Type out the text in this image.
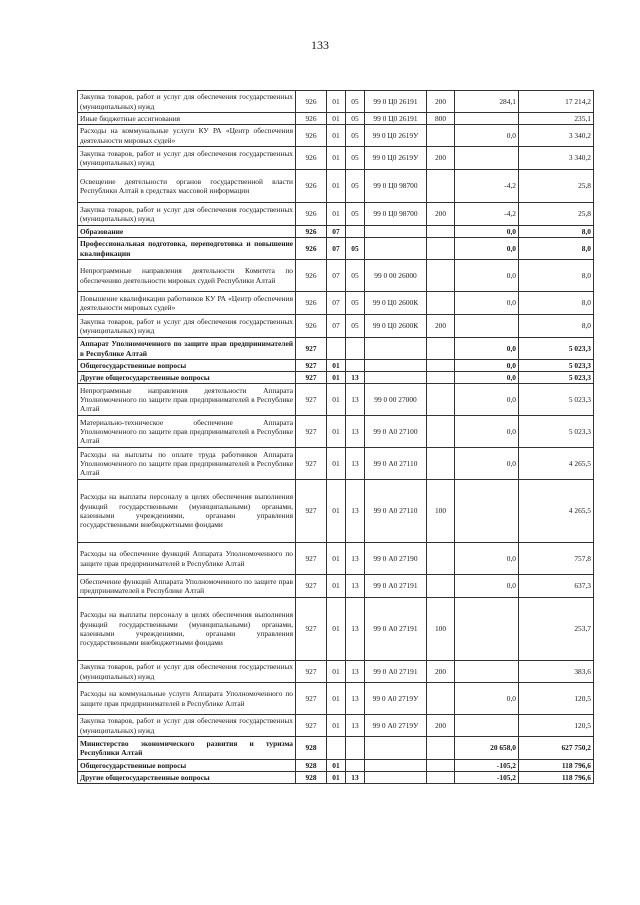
133
Закупка товаров, работ и услуг для обеспечения государственных (муниципальных) нужд	926	01	05	99 0 Ц0 26191	200	284,1	17 214,2
Иные бюджетные ассигнования	926	01	05	99 0 Ц0 26191	800		235,1
Расходы на коммунальные услуги КУ РА «Центр обеспечения деятельности мировых судей»	926	01	05	99 0 Ц0 2619У		0,0	3 340,2
Закупка товаров, работ и услуг для обеспечения государственных (муниципальных) нужд	926	01	05	99 0 Ц0 2619У	200		3 340,2
Освещение деятельности органов государственной власти Республики Алтай в средствах массовой информации	926	01	05	99 0 Ц0 98700		-4,2	25,8
Закупка товаров, работ и услуг для обеспечения государственных (муниципальных) нужд	926	01	05	99 0 Ц0 98700	200	-4,2	25,8
Образование	926	07				0,0	8,0
Профессиональная подготовка, переподготовка и повышение квалификации	926	07	05			0,0	8,0
Непрограммные направления деятельности Комитета по обеспечению деятельности мировых судей Республики Алтай	926	07	05	99 0 00 26000		0,0	8,0
Повышение квалификации работников КУ РА «Центр обеспечения деятельности мировых судей»	926	07	05	99 0 Ц0 2600К		0,0	8,0
Закупка товаров, работ и услуг для обеспечения государственных (муниципальных) нужд	926	07	05	99 0 Ц0 2600К	200		8,0
Аппарат Уполномоченного по защите прав предпринимателей в Республике Алтай	927					0,0	5 023,3
Общегосударственные вопросы	927	01				0,0	5 023,3
Другие общегосударственные вопросы	927	01	13			0,0	5 023,3
Непрограммные направления деятельности Аппарата Уполномоченного по защите прав предпринимателей в Республике Алтай	927	01	13	99 0 00 27000		0,0	5 023,3
Материально-техническое обеспечение Аппарата Уполномоченного по защите прав предпринимателей в Республике Алтай	927	01	13	99 0 А0 27100		0,0	5 023,3
Расходы на выплаты по оплате труда работников Аппарата Уполномоченного по защите прав предпринимателей в Республике Алтай	927	01	13	99 0 А0 27110		0,0	4 265,5
Расходы на выплаты персоналу в целях обеспечения выполнения функций государственными (муниципальными) органами, казенными учреждениями, органами управления государственными внебюджетными фондами	927	01	13	99 0 А0 27110	100		4 265,5
Расходы на обеспечение функций Аппарата Уполномоченного по защите прав предпринимателей в Республике Алтай	927	01	13	99 0 А0 27190		0,0	757,8
Обеспечение функций Аппарата Уполномоченного по защите прав предпринимателей в Республике Алтай	927	01	13	99 0 А0 27191		0,0	637,3
Расходы на выплаты персоналу в целях обеспечения выполнения функций государственными (муниципальными) органами, казенными учреждениями, органами управления государственными внебюджетными фондами	927	01	13	99 0 А0 27191	100		253,7
Закупка товаров, работ и услуг для обеспечения государственных (муниципальных) нужд	927	01	13	99 0 А0 27191	200		383,6
Расходы на коммунальные услуги Аппарата Уполномоченного по защите прав предпринимателей в Республике Алтай	927	01	13	99 0 А0 2719У		0,0	120,5
Закупка товаров, работ и услуг для обеспечения государственных (муниципальных) нужд	927	01	13	99 0 А0 2719У	200		120,5
Министерство экономического развития и туризма Республики Алтай	928					20 658,0	627 750,2
Общегосударственные вопросы	928	01				-105,2	118 796,6
Другие общегосударственные вопросы	928	01	13			-105,2	118 796,6
